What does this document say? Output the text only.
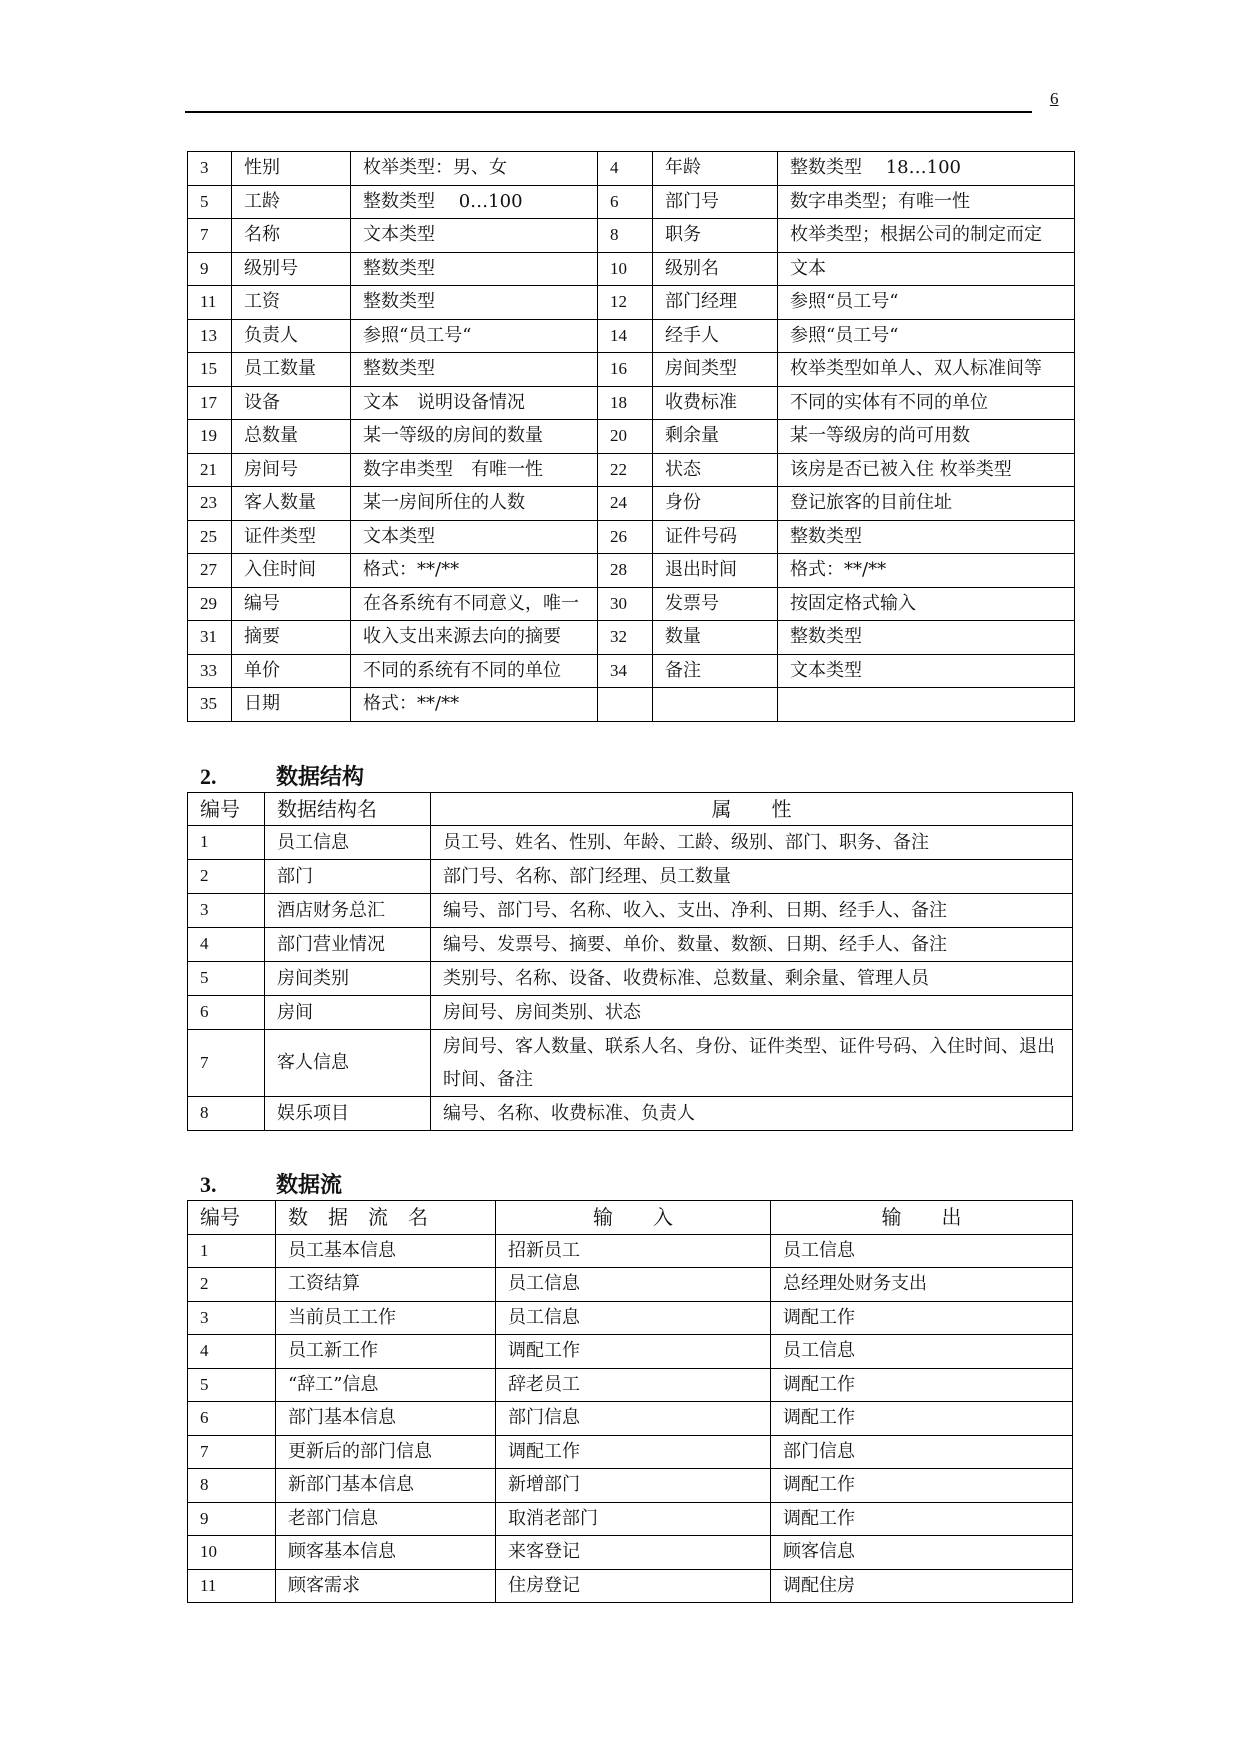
6
3	性别	枚举类型：男、女	4	年龄	整数类型　 18…100
5	工龄	整数类型　 0…100	6	部门号	数字串类型；有唯一性
7	名称	文本类型	8	职务	枚举类型；根据公司的制定而定
9	级别号	整数类型	10	级别名	文本
11	工资	整数类型	12	部门经理	参照“员工号“
13	负责人	参照“员工号“	14	经手人	参照“员工号“
15	员工数量	整数类型	16	房间类型	枚举类型如单人、双人标准间等
17	设备	文本　说明设备情况	18	收费标准	不同的实体有不同的单位
19	总数量	某一等级的房间的数量	20	剩余量	某一等级房的尚可用数
21	房间号	数字串类型　有唯一性	22	状态	该房是否已被入住 枚举类型
23	客人数量	某一房间所住的人数	24	身份	登记旅客的目前住址
25	证件类型	文本类型	26	证件号码	整数类型
27	入住时间	格式：**/**	28	退出时间	格式：**/**
29	编号	在各系统有不同意义，唯一	30	发票号	按固定格式输入
31	摘要	收入支出来源去向的摘要	32	数量	整数类型
33	单价	不同的系统有不同的单位	34	备注	文本类型
35	日期	格式：**/**			
2.	数据结构
编号	数据结构名	属　　性
1	员工信息	员工号、姓名、性别、年龄、工龄、级别、部门、职务、备注
2	部门	部门号、名称、部门经理、员工数量
3	酒店财务总汇	编号、部门号、名称、收入、支出、净利、日期、经手人、备注
4	部门营业情况	编号、发票号、摘要、单价、数量、数额、日期、经手人、备注
5	房间类别	类别号、名称、设备、收费标准、总数量、剩余量、管理人员
6	房间	房间号、房间类别、状态
7	客人信息	房间号、客人数量、联系人名、身份、证件类型、证件号码、入住时间、退出时间、备注
8	娱乐项目	编号、名称、收费标准、负责人
3.	数据流
编号	数　据　流　名	输　　入	输　　出
1	员工基本信息	招新员工	员工信息
2	工资结算	员工信息	总经理处财务支出
3	当前员工工作	员工信息	调配工作
4	员工新工作	调配工作	员工信息
5	“辞工”信息	辞老员工	调配工作
6	部门基本信息	部门信息	调配工作
7	更新后的部门信息	调配工作	部门信息
8	新部门基本信息	新增部门	调配工作
9	老部门信息	取消老部门	调配工作
10	顾客基本信息	来客登记	顾客信息
11	顾客需求	住房登记	调配住房
